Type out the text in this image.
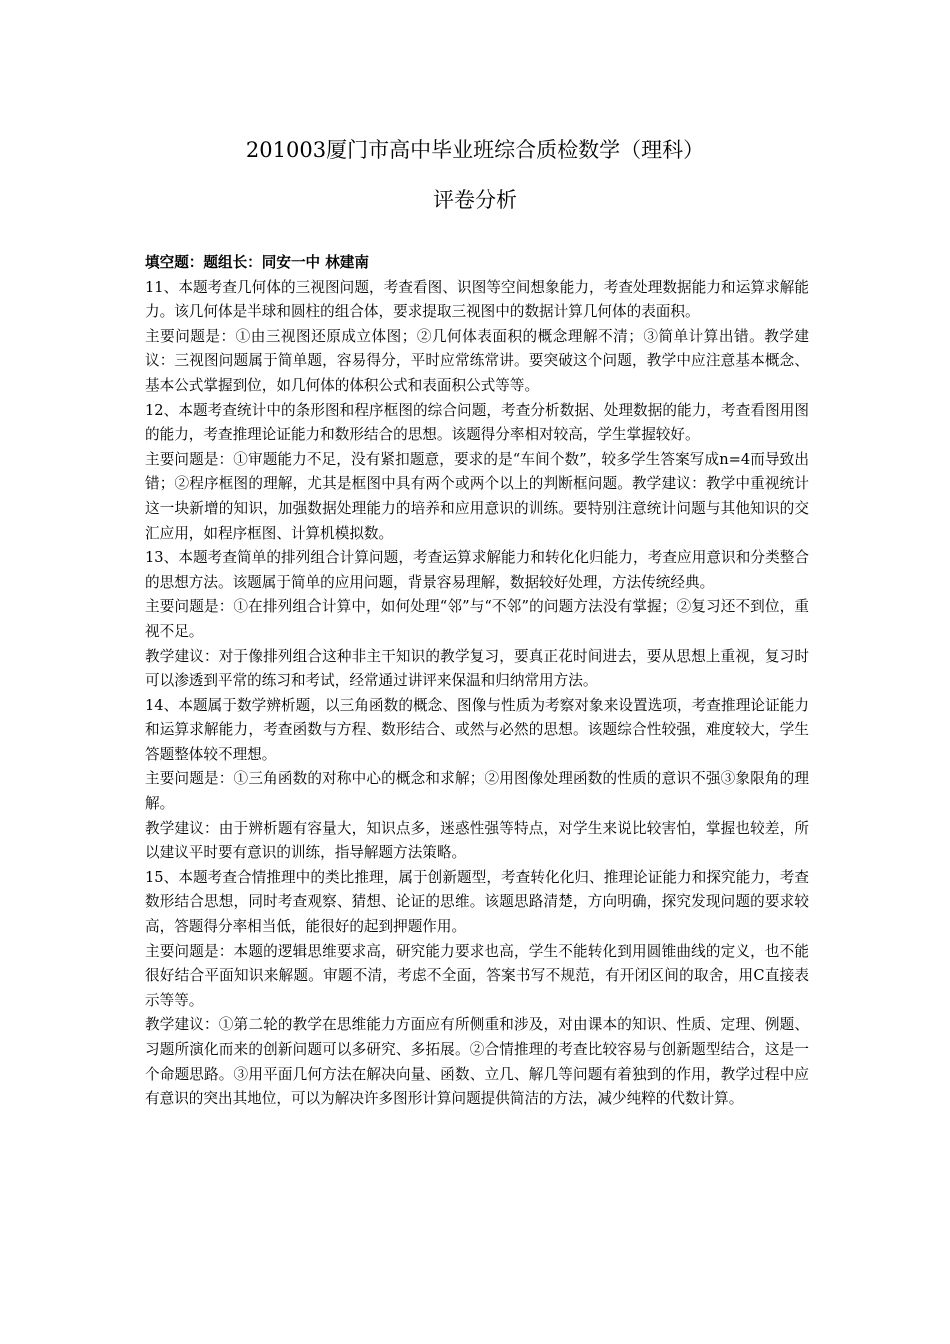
201003厦门市高中毕业班综合质检数学（理科）
评卷分析

填空题：题组长：同安一中 林建南

11、本题考查几何体的三视图问题，考查看图、识图等空间想象能力，考查处理数据能力和运算求解能力。该几何体是半球和圆柱的组合体，要求提取三视图中的数据计算几何体的表面积。

主要问题是：①由三视图还原成立体图；②几何体表面积的概念理解不清；③简单计算出错。教学建议：三视图问题属于简单题，容易得分，平时应常练常讲。要突破这个问题，教学中应注意基本概念、基本公式掌握到位，如几何体的体积公式和表面积公式等等。

12、本题考查统计中的条形图和程序框图的综合问题，考查分析数据、处理数据的能力，考查看图用图的能力，考查推理论证能力和数形结合的思想。该题得分率相对较高，学生掌握较好。

主要问题是：①审题能力不足，没有紧扣题意，要求的是“车间个数”，较多学生答案写成n=4而导致出错；②程序框图的理解，尤其是框图中具有两个或两个以上的判断框问题。教学建议：教学中重视统计这一块新增的知识，加强数据处理能力的培养和应用意识的训练。要特别注意统计问题与其他知识的交汇应用，如程序框图、计算机模拟数。

13、本题考查简单的排列组合计算问题，考查运算求解能力和转化化归能力，考查应用意识和分类整合的思想方法。该题属于简单的应用问题，背景容易理解，数据较好处理，方法传统经典。

主要问题是：①在排列组合计算中，如何处理“邻”与“不邻”的问题方法没有掌握；②复习还不到位，重视不足。

教学建议：对于像排列组合这种非主干知识的教学复习，要真正花时间进去，要从思想上重视，复习时可以渗透到平常的练习和考试，经常通过讲评来保温和归纳常用方法。

14、本题属于数学辨析题，以三角函数的概念、图像与性质为考察对象来设置选项，考查推理论证能力和运算求解能力，考查函数与方程、数形结合、或然与必然的思想。该题综合性较强，难度较大，学生答题整体较不理想。

主要问题是：①三角函数的对称中心的概念和求解；②用图像处理函数的性质的意识不强③象限角的理解。

教学建议：由于辨析题有容量大，知识点多，迷惑性强等特点，对学生来说比较害怕，掌握也较差，所以建议平时要有意识的训练，指导解题方法策略。

15、本题考查合情推理中的类比推理，属于创新题型，考查转化化归、推理论证能力和探究能力，考查数形结合思想，同时考查观察、猜想、论证的思维。该题思路清楚，方向明确，探究发现问题的要求较高，答题得分率相当低，能很好的起到押题作用。

主要问题是：本题的逻辑思维要求高，研究能力要求也高，学生不能转化到用圆锥曲线的定义，也不能很好结合平面知识来解题。审题不清，考虑不全面，答案书写不规范，有开闭区间的取舍，用C直接表示等等。

教学建议：①第二轮的教学在思维能力方面应有所侧重和涉及，对由课本的知识、性质、定理、例题、习题所演化而来的创新问题可以多研究、多拓展。②合情推理的考查比较容易与创新题型结合，这是一个命题思路。③用平面几何方法在解决向量、函数、立几、解几等问题有着独到的作用，教学过程中应有意识的突出其地位，可以为解决许多图形计算问题提供简洁的方法，减少纯粹的代数计算。
